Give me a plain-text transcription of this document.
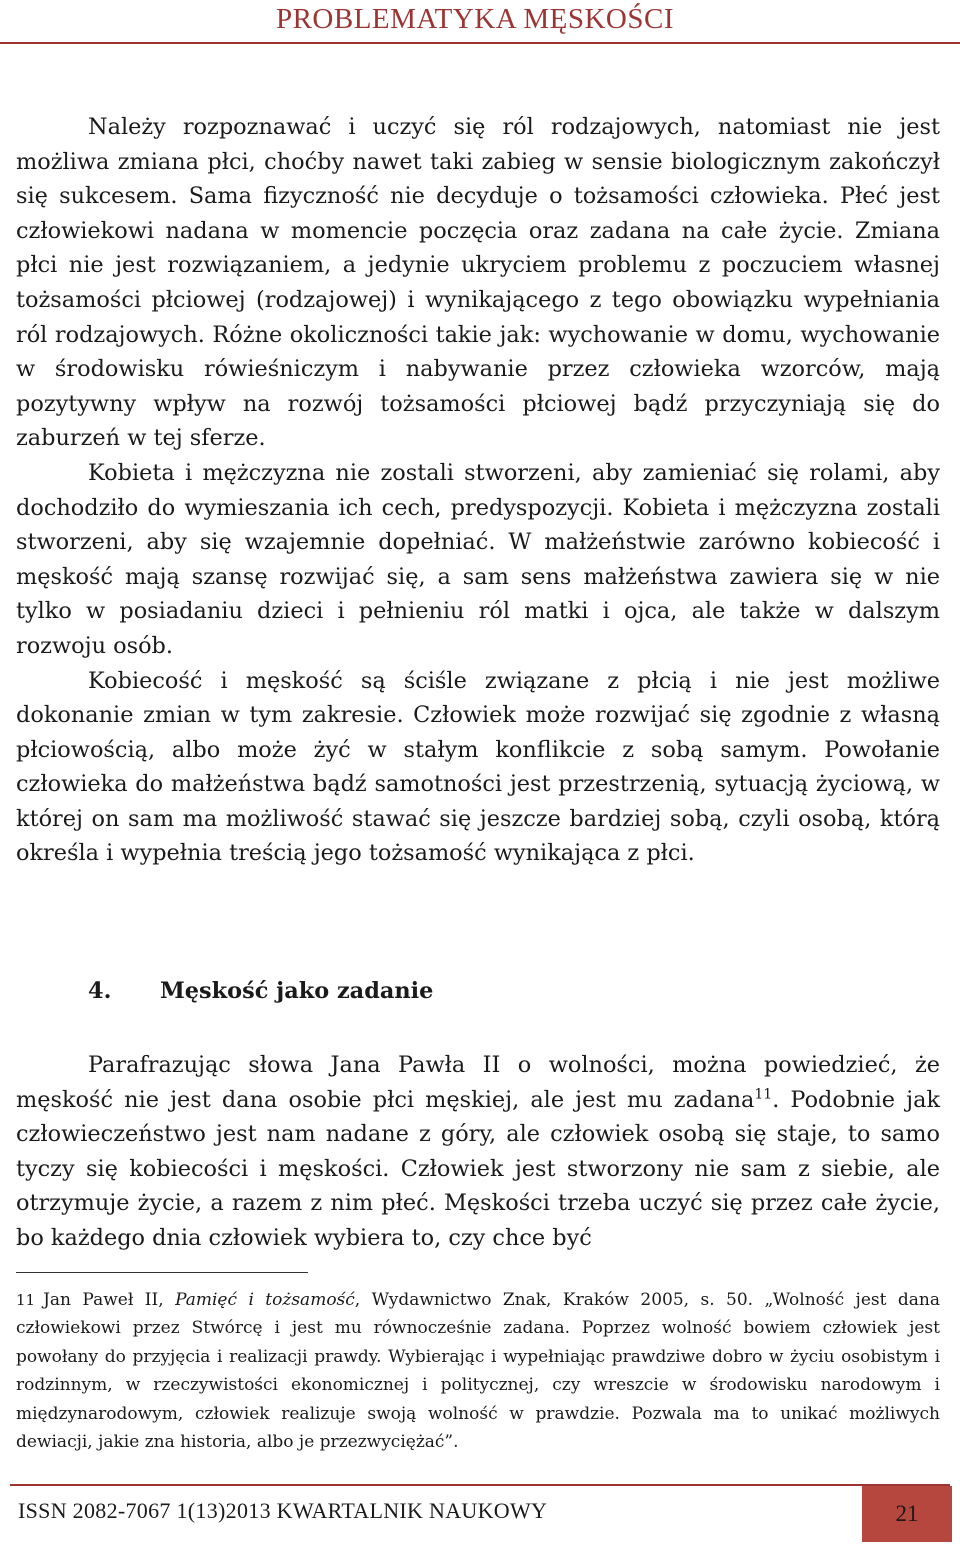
PROBLEMATYKA MĘSKOŚCI

Należy rozpoznawać i uczyć się ról rodzajowych, natomiast nie jest możliwa zmiana płci, choćby nawet taki zabieg w sensie biologicznym zakończył się sukcesem. Sama fizyczność nie decyduje o tożsamości człowieka. Płeć jest człowiekowi nadana w momencie poczęcia oraz zadana na całe życie. Zmiana płci nie jest rozwiązaniem, a jedynie ukryciem problemu z poczuciem własnej tożsamości płciowej (rodzajowej) i wynikającego z tego obowiązku wypełniania ról rodzajowych. Różne okoliczności takie jak: wychowanie w domu, wychowanie w środowisku rówieśniczym i nabywanie przez człowieka wzorców, mają pozytywny wpływ na rozwój tożsamości płciowej bądź przyczyniają się do zaburzeń w tej sferze.

Kobieta i mężczyzna nie zostali stworzeni, aby zamieniać się rolami, aby dochodziło do wymieszania ich cech, predyspozycji. Kobieta i mężczyzna zostali stworzeni, aby się wzajemnie dopełniać. W małżeństwie zarówno kobiecość i męskość mają szansę rozwijać się, a sam sens małżeństwa zawiera się w nie tylko w posiadaniu dzieci i pełnieniu ról matki i ojca, ale także w dalszym rozwoju osób.

Kobiecość i męskość są ściśle związane z płcią i nie jest możliwe dokonanie zmian w tym zakresie. Człowiek może rozwijać się zgodnie z własną płciowością, albo może żyć w stałym konflikcie z sobą samym. Powołanie człowieka do małżeństwa bądź samotności jest przestrzenią, sytuacją życiową, w której on sam ma możliwość stawać się jeszcze bardziej sobą, czyli osobą, którą określa i wypełnia treścią jego tożsamość wynikająca z płci.

4. Męskość jako zadanie

Parafrazując słowa Jana Pawła II o wolności, można powiedzieć, że męskość nie jest dana osobie płci męskiej, ale jest mu zadana$^{11}$. Podobnie jak człowieczeństwo jest nam nadane z góry, ale człowiek osobą się staje, to samo tyczy się kobiecości i męskości. Człowiek jest stworzony nie sam z siebie, ale otrzymuje życie, a razem z nim płeć. Męskości trzeba uczyć się przez całe życie, bo każdego dnia człowiek wybiera to, czy chce być

11 Jan Paweł II, Pamięć i tożsamość, Wydawnictwo Znak, Kraków 2005, s. 50. „Wolność jest dana człowiekowi przez Stwórcę i jest mu równocześnie zadana. Poprzez wolność bowiem człowiek jest powołany do przyjęcia i realizacji prawdy. Wybierając i wypełniając prawdziwe dobro w życiu osobistym i rodzinnym, w rzeczywistości ekonomicznej i politycznej, czy wreszcie w środowisku narodowym i międzynarodowym, człowiek realizuje swoją wolność w prawdzie. Pozwala ma to unikać możliwych dewiacji, jakie zna historia, albo je przezwyciężać”.
ISSN 2082-7067 1(13)2013 KWARTALNIK NAUKOWY	21
